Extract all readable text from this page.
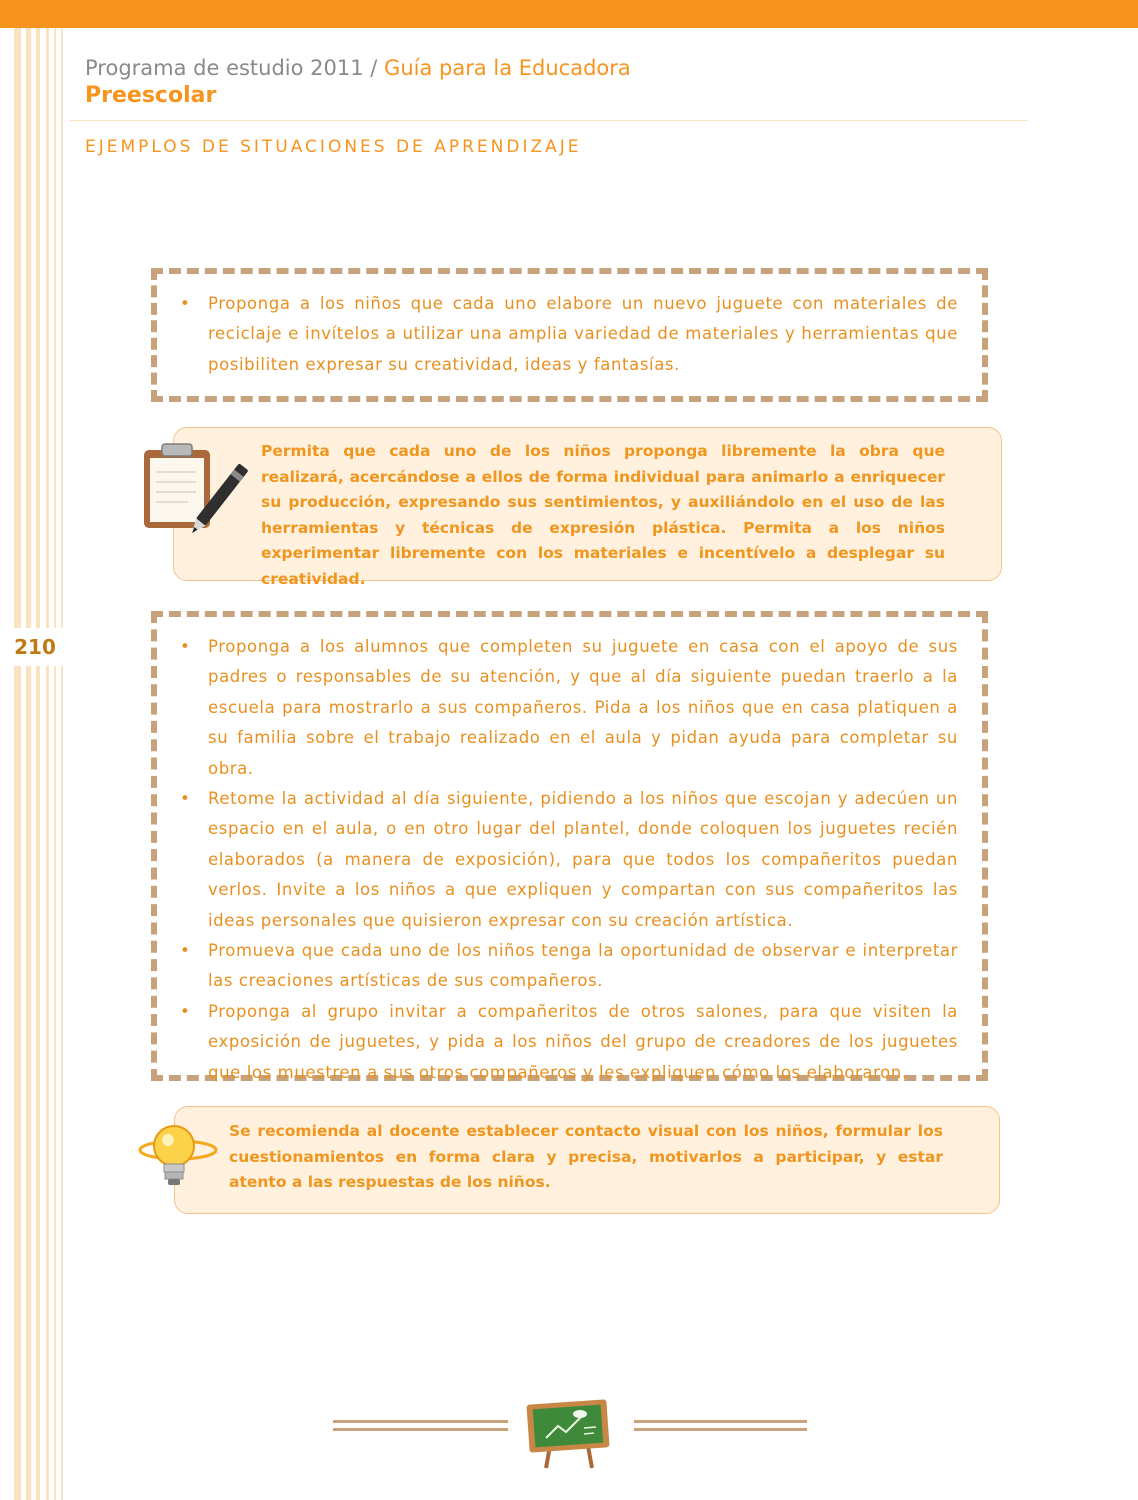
Programa de estudio 2011 / Guía para la Educadora
Preescolar
EJEMPLOS DE SITUACIONES DE APRENDIZAJE
210
• Proponga a los niños que cada uno elabore un nuevo juguete con materiales de reciclaje e invítelos a utilizar una amplia variedad de materiales y herramientas que posibiliten expresar su creatividad, ideas y fantasías.
Permita que cada uno de los niños proponga libremente la obra que realizará, acercándose a ellos de forma individual para animarlo a enriquecer su producción, expresando sus sentimientos, y auxiliándolo en el uso de las herramientas y técnicas de expresión plástica. Permita a los niños experimentar libremente con los materiales e incentívelo a desplegar su creatividad.
• Proponga a los alumnos que completen su juguete en casa con el apoyo de sus padres o responsables de su atención, y que al día siguiente puedan traerlo a la escuela para mostrarlo a sus compañeros. Pida a los niños que en casa platiquen a su familia sobre el trabajo realizado en el aula y pidan ayuda para completar su obra.
• Retome la actividad al día siguiente, pidiendo a los niños que escojan y adecúen un espacio en el aula, o en otro lugar del plantel, donde coloquen los juguetes recién elaborados (a manera de exposición), para que todos los compañeritos puedan verlos. Invite a los niños a que expliquen y compartan con sus compañeritos las ideas personales que quisieron expresar con su creación artística.
• Promueva que cada uno de los niños tenga la oportunidad de observar e interpretar las creaciones artísticas de sus compañeros.
• Proponga al grupo invitar a compañeritos de otros salones, para que visiten la exposición de juguetes, y pida a los niños del grupo de creadores de los juguetes que los muestren a sus otros compañeros y les expliquen cómo los elaboraron.
Se recomienda al docente establecer contacto visual con los niños, formular los cuestionamientos en forma clara y precisa, motivarlos a participar, y estar atento a las respuestas de los niños.
